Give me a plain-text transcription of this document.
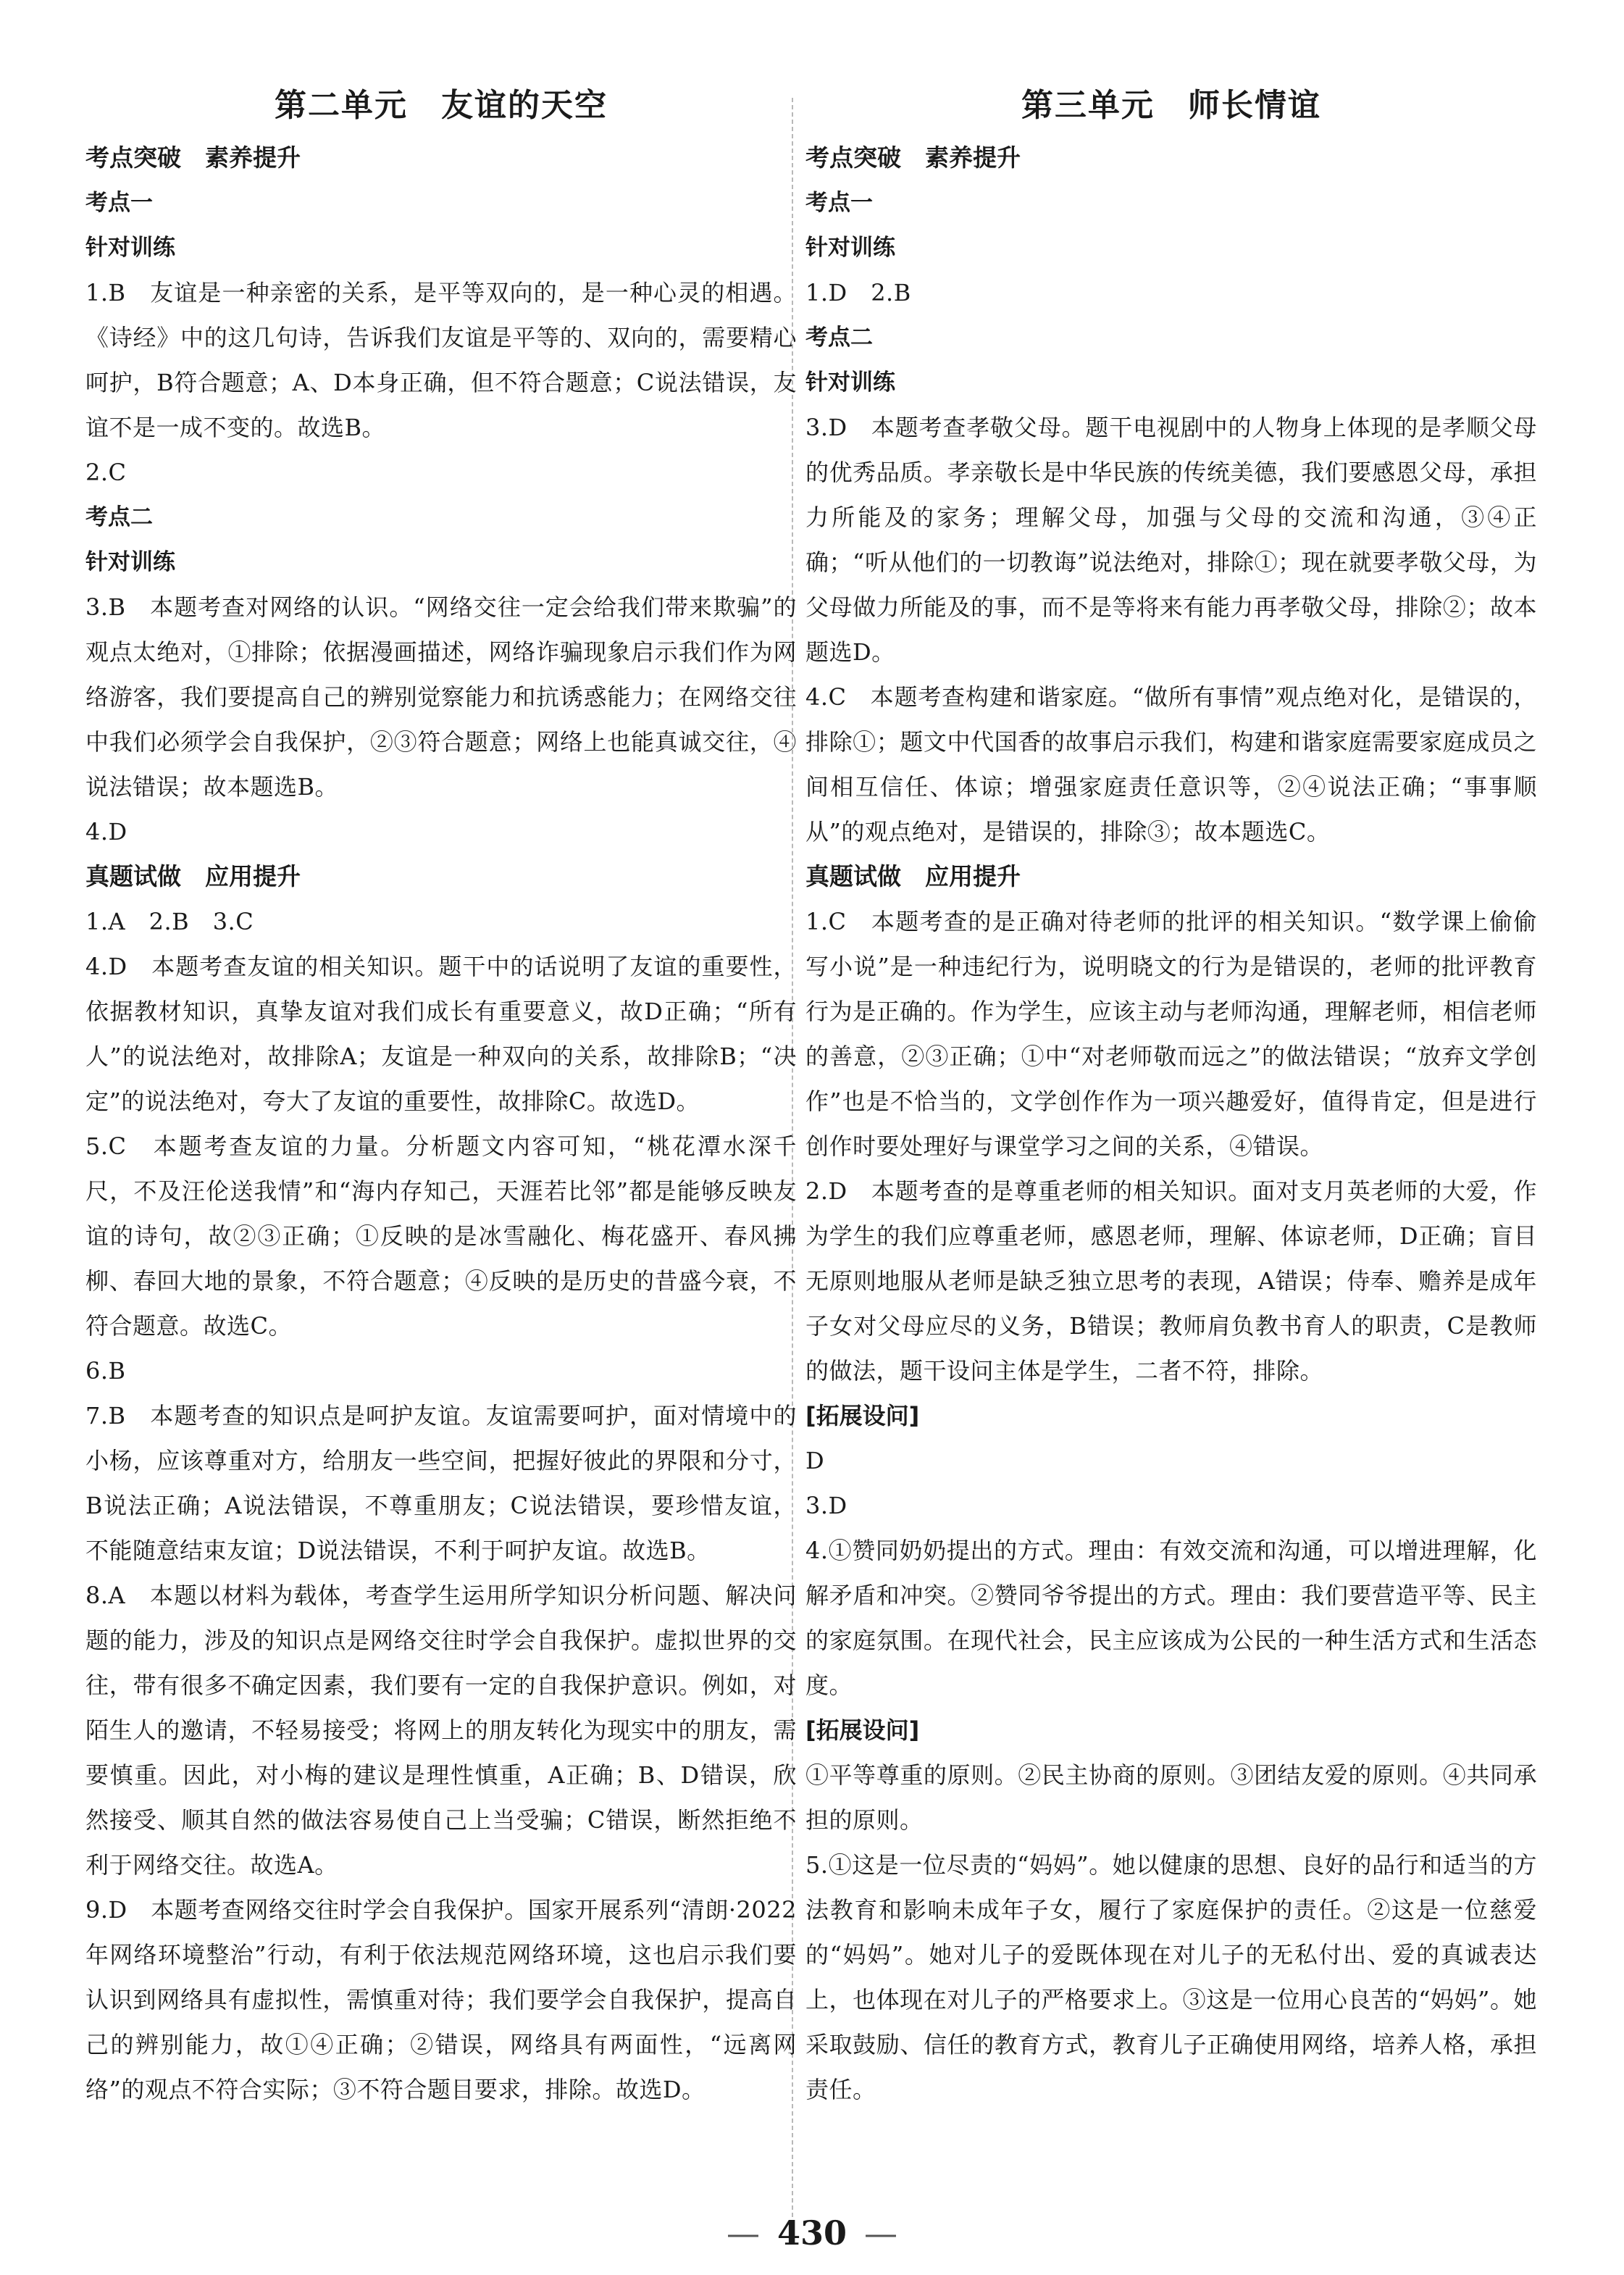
第二单元　友谊的天空
考点突破　素养提升
考点一
针对训练
1.B　友谊是一种亲密的关系，是平等双向的，是一种心灵的相遇。《诗经》中的这几句诗，告诉我们友谊是平等的、双向的，需要精心呵护，B符合题意；A、D本身正确，但不符合题意；C说法错误，友谊不是一成不变的。故选B。
2.C
考点二
针对训练
3.B　本题考查对网络的认识。“网络交往一定会给我们带来欺骗”的观点太绝对，①排除；依据漫画描述，网络诈骗现象启示我们作为网络游客，我们要提高自己的辨别觉察能力和抗诱惑能力；在网络交往中我们必须学会自我保护，②③符合题意；网络上也能真诚交往，④说法错误；故本题选B。
4.D
真题试做　应用提升
1.A　2.B　3.C
4.D　本题考查友谊的相关知识。题干中的话说明了友谊的重要性，依据教材知识，真挚友谊对我们成长有重要意义，故D正确；“所有人”的说法绝对，故排除A；友谊是一种双向的关系，故排除B；“决定”的说法绝对，夸大了友谊的重要性，故排除C。故选D。
5.C　本题考查友谊的力量。分析题文内容可知，“桃花潭水深千尺，不及汪伦送我情”和“海内存知己，天涯若比邻”都是能够反映友谊的诗句，故②③正确；①反映的是冰雪融化、梅花盛开、春风拂柳、春回大地的景象，不符合题意；④反映的是历史的昔盛今衰，不符合题意。故选C。
6.B
7.B　本题考查的知识点是呵护友谊。友谊需要呵护，面对情境中的小杨，应该尊重对方，给朋友一些空间，把握好彼此的界限和分寸，B说法正确；A说法错误，不尊重朋友；C说法错误，要珍惜友谊，不能随意结束友谊；D说法错误，不利于呵护友谊。故选B。
8.A　本题以材料为载体，考查学生运用所学知识分析问题、解决问题的能力，涉及的知识点是网络交往时学会自我保护。虚拟世界的交往，带有很多不确定因素，我们要有一定的自我保护意识。例如，对陌生人的邀请，不轻易接受；将网上的朋友转化为现实中的朋友，需要慎重。因此，对小梅的建议是理性慎重，A正确；B、D错误，欣然接受、顺其自然的做法容易使自己上当受骗；C错误，断然拒绝不利于网络交往。故选A。
9.D　本题考查网络交往时学会自我保护。国家开展系列“清朗·2022年网络环境整治”行动，有利于依法规范网络环境，这也启示我们要认识到网络具有虚拟性，需慎重对待；我们要学会自我保护，提高自己的辨别能力，故①④正确；②错误，网络具有两面性，“远离网络”的观点不符合实际；③不符合题目要求，排除。故选D。
第三单元　师长情谊
考点突破　素养提升
考点一
针对训练
1.D　2.B
考点二
针对训练
3.D　本题考查孝敬父母。题干电视剧中的人物身上体现的是孝顺父母的优秀品质。孝亲敬长是中华民族的传统美德，我们要感恩父母，承担力所能及的家务；理解父母，加强与父母的交流和沟通，③④正确；“听从他们的一切教诲”说法绝对，排除①；现在就要孝敬父母，为父母做力所能及的事，而不是等将来有能力再孝敬父母，排除②；故本题选D。
4.C　本题考查构建和谐家庭。“做所有事情”观点绝对化，是错误的，排除①；题文中代国香的故事启示我们，构建和谐家庭需要家庭成员之间相互信任、体谅；增强家庭责任意识等，②④说法正确；“事事顺从”的观点绝对，是错误的，排除③；故本题选C。
真题试做　应用提升
1.C　本题考查的是正确对待老师的批评的相关知识。“数学课上偷偷写小说”是一种违纪行为，说明晓文的行为是错误的，老师的批评教育行为是正确的。作为学生，应该主动与老师沟通，理解老师，相信老师的善意，②③正确；①中“对老师敬而远之”的做法错误；“放弃文学创作”也是不恰当的，文学创作作为一项兴趣爱好，值得肯定，但是进行创作时要处理好与课堂学习之间的关系，④错误。
2.D　本题考查的是尊重老师的相关知识。面对支月英老师的大爱，作为学生的我们应尊重老师，感恩老师，理解、体谅老师，D正确；盲目无原则地服从老师是缺乏独立思考的表现，A错误；侍奉、赡养是成年子女对父母应尽的义务，B错误；教师肩负教书育人的职责，C是教师的做法，题干设问主体是学生，二者不符，排除。
[拓展设问]
D
3.D
4.①赞同奶奶提出的方式。理由：有效交流和沟通，可以增进理解，化解矛盾和冲突。②赞同爷爷提出的方式。理由：我们要营造平等、民主的家庭氛围。在现代社会，民主应该成为公民的一种生活方式和生活态度。
[拓展设问]
①平等尊重的原则。②民主协商的原则。③团结友爱的原则。④共同承担的原则。
5.①这是一位尽责的“妈妈”。她以健康的思想、良好的品行和适当的方法教育和影响未成年子女，履行了家庭保护的责任。②这是一位慈爱的“妈妈”。她对儿子的爱既体现在对儿子的无私付出、爱的真诚表达上，也体现在对儿子的严格要求上。③这是一位用心良苦的“妈妈”。她采取鼓励、信任的教育方式，教育儿子正确使用网络，培养人格，承担责任。
— 430 —
